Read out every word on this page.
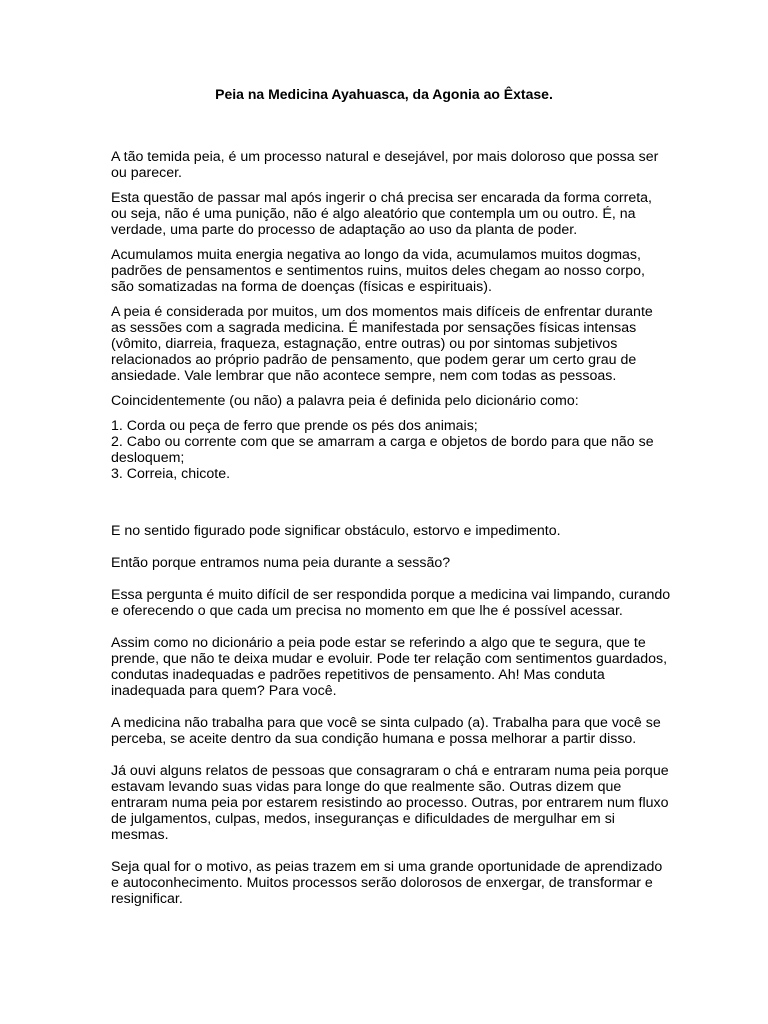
Peia na Medicina Ayahuasca, da Agonia ao Êxtase.

A tão temida peia, é um processo natural e desejável, por mais doloroso que possa ser ou parecer.

Esta questão de passar mal após ingerir o chá precisa ser encarada da forma correta, ou seja, não é uma punição, não é algo aleatório que contempla um ou outro. É, na verdade, uma parte do processo de adaptação ao uso da planta de poder.

Acumulamos muita energia negativa ao longo da vida, acumulamos muitos dogmas, padrões de pensamentos e sentimentos ruins, muitos deles chegam ao nosso corpo, são somatizadas na forma de doenças (físicas e espirituais).

A peia é considerada por muitos, um dos momentos mais difíceis de enfrentar durante as sessões com a sagrada medicina. É manifestada por sensações físicas intensas (vômito, diarreia, fraqueza, estagnação, entre outras) ou por sintomas subjetivos relacionados ao próprio padrão de pensamento, que podem gerar um certo grau de ansiedade. Vale lembrar que não acontece sempre, nem com todas as pessoas.

Coincidentemente (ou não) a palavra peia é definida pelo dicionário como:

1. Corda ou peça de ferro que prende os pés dos animais;
2. Cabo ou corrente com que se amarram a carga e objetos de bordo para que não se desloquem;
3. Correia, chicote.

E no sentido figurado pode significar obstáculo, estorvo e impedimento.

Então porque entramos numa peia durante a sessão?

Essa pergunta é muito difícil de ser respondida porque a medicina vai limpando, curando e oferecendo o que cada um precisa no momento em que lhe é possível acessar.

Assim como no dicionário a peia pode estar se referindo a algo que te segura, que te prende, que não te deixa mudar e evoluir. Pode ter relação com sentimentos guardados, condutas inadequadas e padrões repetitivos de pensamento. Ah! Mas conduta inadequada para quem? Para você.

A medicina não trabalha para que você se sinta culpado (a). Trabalha para que você se perceba, se aceite dentro da sua condição humana e possa melhorar a partir disso.

Já ouvi alguns relatos de pessoas que consagraram o chá e entraram numa peia porque estavam levando suas vidas para longe do que realmente são. Outras dizem que entraram numa peia por estarem resistindo ao processo. Outras, por entrarem num fluxo de julgamentos, culpas, medos, inseguranças e dificuldades de mergulhar em si mesmas.

Seja qual for o motivo, as peias trazem em si uma grande oportunidade de aprendizado e autoconhecimento. Muitos processos serão dolorosos de enxergar, de transformar e resignificar.
